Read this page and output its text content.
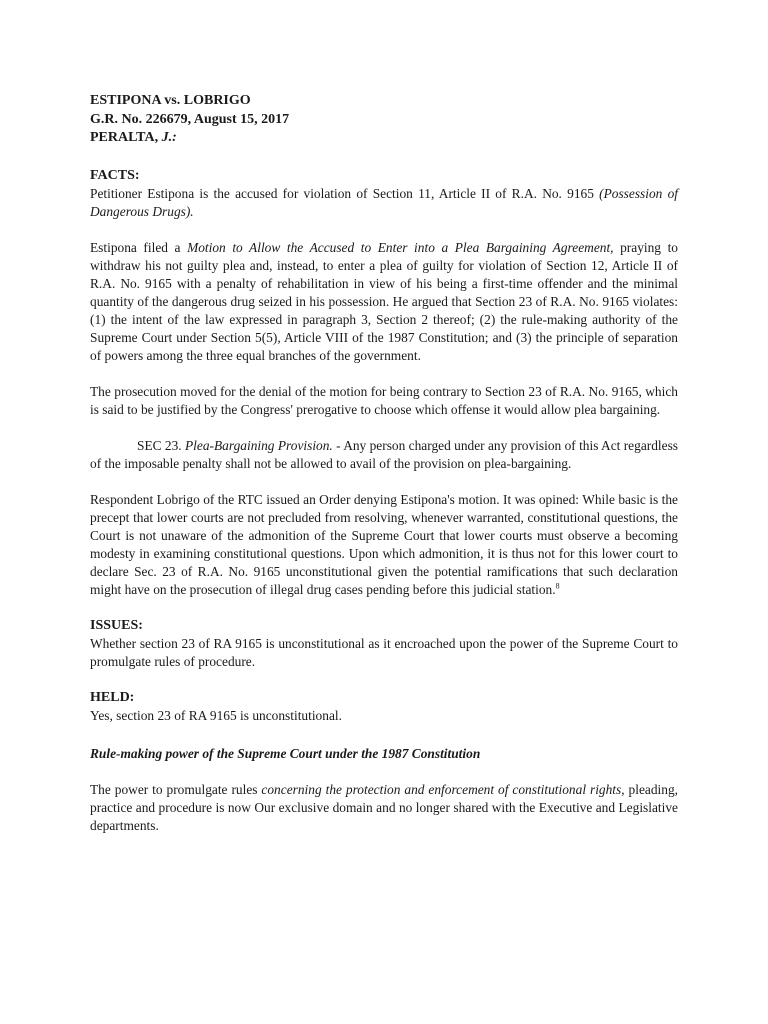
ESTIPONA vs. LOBRIGO
G.R. No. 226679, August 15, 2017
PERALTA, J.:
FACTS:

Petitioner Estipona is the accused for violation of Section 11, Article II of R.A. No. 9165 (Possession of Dangerous Drugs).

Estipona filed a Motion to Allow the Accused to Enter into a Plea Bargaining Agreement, praying to withdraw his not guilty plea and, instead, to enter a plea of guilty for violation of Section 12, Article II of R.A. No. 9165 with a penalty of rehabilitation in view of his being a first-time offender and the minimal quantity of the dangerous drug seized in his possession. He argued that Section 23 of R.A. No. 9165 violates: (1) the intent of the law expressed in paragraph 3, Section 2 thereof; (2) the rule-making authority of the Supreme Court under Section 5(5), Article VIII of the 1987 Constitution; and (3) the principle of separation of powers among the three equal branches of the government.

The prosecution moved for the denial of the motion for being contrary to Section 23 of R.A. No. 9165, which is said to be justified by the Congress' prerogative to choose which offense it would allow plea bargaining.

SEC 23. Plea-Bargaining Provision. - Any person charged under any provision of this Act regardless of the imposable penalty shall not be allowed to avail of the provision on plea-bargaining.

Respondent Lobrigo of the RTC issued an Order denying Estipona's motion. It was opined: While basic is the precept that lower courts are not precluded from resolving, whenever warranted, constitutional questions, the Court is not unaware of the admonition of the Supreme Court that lower courts must observe a becoming modesty in examining constitutional questions. Upon which admonition, it is thus not for this lower court to declare Sec. 23 of R.A. No. 9165 unconstitutional given the potential ramifications that such declaration might have on the prosecution of illegal drug cases pending before this judicial station.$^8$

ISSUES:

Whether section 23 of RA 9165 is unconstitutional as it encroached upon the power of the Supreme Court to promulgate rules of procedure.

HELD:

Yes, section 23 of RA 9165 is unconstitutional.

Rule-making power of the Supreme Court under the 1987 Constitution

The power to promulgate rules concerning the protection and enforcement of constitutional rights, pleading, practice and procedure is now Our exclusive domain and no longer shared with the Executive and Legislative departments.
